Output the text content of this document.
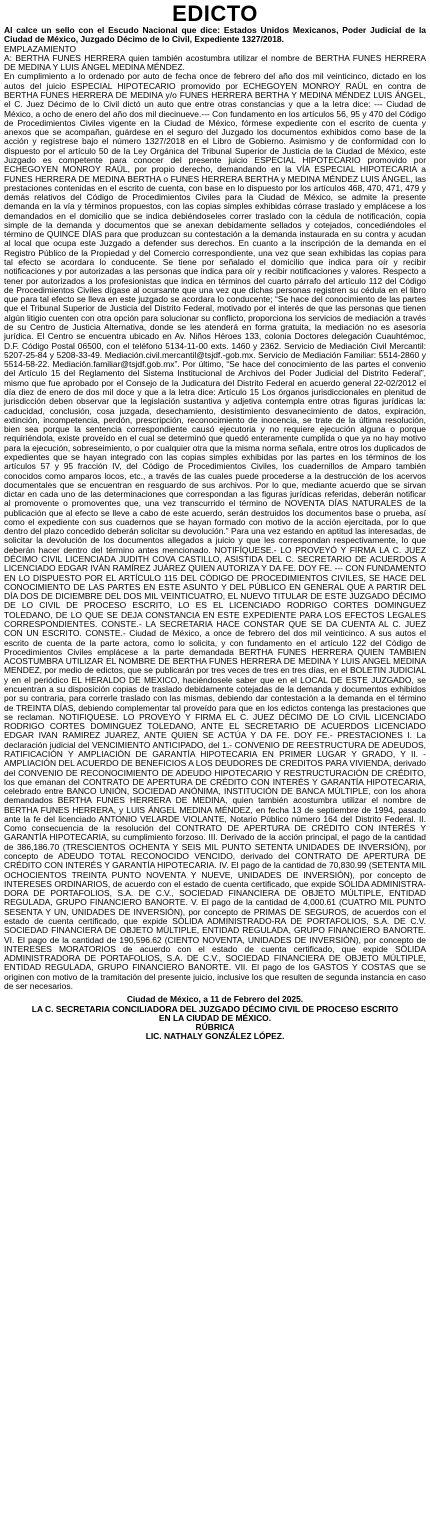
EDICTO
Al calce un sello con el Escudo Nacional que dice: Estados Unidos Mexicanos, Poder Judicial de la Ciudad de México, Juzgado Décimo de lo Civil, Expediente 1327/2018.

EMPLAZAMIENTO

A: BERTHA FUNES HERRERA quien también acostumbra utilizar el nombre de BERTHA FUNES HERRERA DE MEDINA Y LUIS ÁNGEL MEDINA MÉNDEZ.

En cumplimiento a lo ordenado por auto de fecha once de febrero del año dos mil veinticinco, dictado en los autos del juicio ESPECIAL HIPOTECARIO promovido por ECHEGOYEN MONROY RAÚL en contra de BERTHA FUNES HERRERA DE MEDINA y/o FUNES HERRERA BERTHA Y MEDINA MÉNDEZ LUIS ÁNGEL, el C. Juez Décimo de lo Civil dictó un auto que entre otras constancias y que a la letra dice: --- Ciudad de México, a ocho de enero del año dos mil diecinueve.--- Con fundamento en los artículos 56, 95 y 470 del Código de Procedimientos Civiles vigente en la Ciudad de México, fórmese expediente con el escrito de cuenta y anexos que se acompañan, guárdese en el seguro del Juzgado los documentos exhibidos como base de la acción y regístrese bajo el número 1327/2018 en el Libro de Gobierno. Asimismo y de conformidad con lo dispuesto por el artículo 50 de la Ley Orgánica del Tribunal Superior de Justicia de la Ciudad de México, este Juzgado es competente para conocer del presente juicio ESPECIAL HIPOTECARIO promovido por ECHEGOYEN MONROY RAÚL, por propio derecho, demandando en la VÍA ESPECIAL HIPOTECARIA a FUNES HERRERA DE MEDINA BERTHA o FUNES HERRERA BERTHA y MEDINA MÉNDEZ LUIS ÁNGEL, las prestaciones contenidas en el escrito de cuenta, con base en lo dispuesto por los artículos 468, 470, 471, 479 y demás relativos del Código de Procedimientos Civiles para la Ciudad de México, se admite la presente demanda en la vía y términos propuestos, con las copias simples exhibidas córrase traslado y emplácese a los demandados en el domicilio que se indica debiéndoseles correr traslado con la cédula de notificación, copia simple de la demanda y documentos que se anexan debidamente sellados y cotejados, concediéndoles el término de QUINCE DÍAS para que produzcan su contestación a la demanda instaurada en su contra y acudan al local que ocupa este Juzgado a defender sus derechos. En cuanto a la inscripción de la demanda en el Registro Público de la Propiedad y del Comercio correspondiente, una vez que sean exhibidas las copias para tal efecto se acordara lo conducente. Se tiene por señalado el domicilio que indica para oír y recibir notificaciones y por autorizadas a las personas que indica para oír y recibir notificaciones y valores. Respecto a tener por autorizados a los profesionistas que indica en términos del cuarto párrafo del artículo 112 del Código de Procedimientos Civiles dígase al ocursante que una vez que dichas personas registren su cédula en el libro que para tal efecto se lleva en este juzgado se acordara lo conducente; “Se hace del conocimiento de las partes que el Tribunal Superior de Justicia del Distrito Federal, motivado por el interés de que las personas que tienen algún litigio cuenten con otra opción para solucionar su conflicto, proporciona los servicios de mediación a través de su Centro de Justicia Alternativa, donde se les atenderá en forma gratuita, la mediación no es asesoría jurídica. El Centro se encuentra ubicado en Av. Niños Héroes 133, colonia Doctores delegación Cuauhtémoc, D.F. Código Postal 06500, con el teléfono 5134-11-00 exts. 1460 y 2362. Servicio de Mediación Civil Mercantil: 5207-25-84 y 5208-33-49. Mediación.civil.mercantil@tsjdf.-gob.mx. Servicio de Mediación Familiar: 5514-2860 y 5514-58-22. Mediación.familiar@tsjdf.gob.mx”. Por último, “Se hace del conocimiento de las partes el convenio del Artículo 15 del Reglamento del Sistema Institucional de Archivos del Poder Judicial del Distrito Federal”, mismo que fue aprobado por el Consejo de la Judicatura del Distrito Federal en acuerdo general 22-02/2012 el día diez de enero de dos mil doce y que a la letra dice: Artículo 15 Los órganos jurisdiccionales en plenitud de jurisdicción deben observar que la legislación sustantiva y adjetiva contempla entre otras figuras jurídicas la: caducidad, conclusión, cosa juzgada, desechamiento, desistimiento desvanecimiento de datos, expiración, extinción, incompetencia, perdón, prescripción, reconocimiento de inocencia, se trate de la última resolución, bien sea porque la sentencia correspondiente causó ejecutoria y no requiere ejecución alguna o porque requiriéndola, existe proveído en el cual se determinó que quedó enteramente cumplida o que ya no hay motivo para la ejecución, sobreseimiento, o por cualquier otra que la misma norma señala, entre otros los duplicados de expedientes que se hayan integrado con las copias simples exhibidas por las partes en los términos de los artículos 57 y 95 fracción IV, del Código de Procedimientos Civiles, los cuadernillos de Amparo también conocidos como amparos locos, etc., a través de las cuales puede procederse a la destrucción de los acervos documentales que se encuentran en resguardo de sus archivos. Por lo que, mediante acuerdo que se sirvan dictar en cada uno de las determinaciones que correspondan a las figuras jurídicas referidas, deberán notificar al promovente o promoventes que, una vez transcurrido el término de NOVENTA DÍAS NATURALES de la publicación que al efecto se lleve a cabo de este acuerdo, serán destruidos los documentos base o prueba, así como el expediente con sus cuadernos que se hayan formado con motivo de la acción ejercitada, por lo que dentro del plazo concedido deberán solicitar su devolución.” Para una vez estando en aptitud las interesadas, de solicitar la devolución de los documentos allegados a juicio y que les correspondan respectivamente, lo que deberán hacer dentro del término antes mencionado. NOTIFÍQUESE.- LO PROVEYÓ Y FIRMA LA C. JUEZ DÉCIMO CIVIL LICENCIADA JUDITH COVA CASTILLO, ASISTIDA DEL C. SECRETARIO DE ACUERDOS A LICENCIADO EDGAR IVÁN RAMÍREZ JUÁREZ QUIEN AUTORIZA Y DA FE. DOY FE. --- CON FUNDAMENTO EN LO DISPUESTO POR EL ARTÍCULO 115 DEL CÓDIGO DE PROCEDIMIENTOS CIVILES, SE HACE DEL CONOCIMIENTO DE LAS PARTES EN ESTE ASUNTO Y DEL PÚBLICO EN GENERAL QUE A PARTIR DEL DÍA DOS DE DICIEMBRE DEL DOS MIL VEINTICUATRO, EL NUEVO TITULAR DE ESTE JUZGADO DÉCIMO DE LO CIVIL DE PROCESO ESCRITO, LO ES EL LICENCIADO RODRIGO CORTES DOMINGUEZ TOLEDANO, DE LO QUE SE DEJA CONSTANCIA EN ESTE EXPEDIENTE PARA LOS EFECTOS LEGALES CORRESPONDIENTES. CONSTE.- LA SECRETARIA HACE CONSTAR QUE SE DA CUENTA AL C. JUEZ CON UN ESCRITO. CONSTE.- Ciudad de México, a once de febrero del dos mil veinticinco. A sus autos el escrito de cuenta de la parte actora, como lo solicita, y con fundamento en el artículo 122 del Código de Procedimientos Civiles emplácese a la parte demandada BERTHA FUNES HERRERA QUIEN TAMBIEN ACOSTUMBRA UTILIZAR EL NOMBRE DE BERTHA FUNES HERRERA DE MEDINA Y LUIS ANGEL MEDINA MENDEZ, por medio de edictos, que se publicarán por tres veces de tres en tres días, en el BOLETIN JUDICIAL y en el periódico EL HERALDO DE MEXICO, haciéndosele saber que en el LOCAL DE ESTE JUZGADO, se encuentran a su disposición copias de traslado debidamente cotejadas de la demanda y documentos exhibidos por su contraria, para correrle traslado con las mismas, debiendo dar contestación a la demanda en el término de TREINTA DÍAS, debiendo complementar tal proveído para que en los edictos contenga las prestaciones que se reclaman. NOTIFIQUESE. LO PROVEYÓ Y FIRMA EL C. JUEZ DÉCIMO DE LO CIVIL LICENCIADO RODRIGO CORTES DOMINGUEZ TOLEDANO, ANTE EL SECRETARIO DE ACUERDOS LICENCIADO EDGAR IVAN RAMIREZ JUAREZ, ANTE QUIEN SE ACTÚA Y DA FE. DOY FE.- PRESTACIONES I. La declaración judicial del VENCIMIENTO ANTICIPADO, del 1.- CONVENIO DE REESTRUCTURA DE ADEUDOS, RATIFICACIÓN Y AMPLIACIÓN DE GARANTÍA HIPOTECARIA EN PRIMER LUGAR Y GRADO, Y II. - AMPLIACIÓN DEL ACUERDO DE BENEFICIOS A LOS DEUDORES DE CREDITOS PARA VIVIENDA, derivado del CONVENIO DE RECONOCIMIENTO DE ADEUDO HIPOTECARIO Y RESTRUCTURACIÓN DE CRÉDITO, los que emanan del CONTRATO DE APERTURA DE CRÉDITO CON INTERÉS Y GARANTÍA HIPOTECARIA, celebrado entre BANCO UNIÓN, SOCIEDAD ANÓNIMA, INSTITUCIÓN DE BANCA MÚLTIPLE, con los ahora demandados BERTHA FUNES HERRERA DE MEDINA, quien también acostumbra utilizar el nombre de BERTHA FUNES HERRERA, y LUIS ÁNGEL MEDINA MÉNDEZ, en fecha 13 de septiembre de 1994, pasado ante la fe del licenciado ANTONIO VELARDE VIOLANTE, Notario Público número 164 del Distrito Federal. II. Como consecuencia de la resolución del CONTRATO DE APERTURA DE CRÉDITO CON INTERÉS Y GARANTÍA HIPOTECARIA, su cumplimiento forzoso. III. Derivado de la acción principal, el pago de la cantidad de 386,186.70 (TRESCIENTOS OCHENTA Y SEIS MIL PUNTO SETENTA UNIDADES DE INVERSIÓN), por concepto de ADEUDO TOTAL RECONOCIDO VENCIDO, derivado del CONTRATO DE APERTURA DE CRÉDITO CON INTERÉS Y GARANTÍA HIPOTECARIA. IV. El pago de la cantidad de 70,830.99 (SETENTA MIL OCHOCIENTOS TREINTA PUNTO NOVENTA Y NUEVE, UNIDADES DE INVERSIÓN), por concepto de INTERESES ORDINARIOS, de acuerdo con el estado de cuenta certificado, que expide SÓLIDA ADMINISTRA-DORA DE PORTAFOLIOS, S.A. DE C.V., SOCIEDAD FINANCIERA DE OBJETO MÚLTIPLE, ENTIDAD REGULADA, GRUPO FINANCIERO BANORTE. V. El pago de la cantidad de 4,000.61 (CUATRO MIL PUNTO SESENTA Y UN, UNIDADES DE INVERSIÓN), por concepto de PRIMAS DE SEGUROS, de acuerdos con el estado de cuenta certificado, que expide SÓLIDA ADMINISTRADO-RA DE PORTAFOLIOS, S.A. DE C.V. SOCIEDAD FINANCIERA DE OBJETO MÚLTIPLE, ENTIDAD REGULADA, GRUPO FINANCIERO BANORTE. VI. El pago de la cantidad de 190,596.62 (CIENTO NOVENTA, UNIDADES DE INVERSIÓN), por concepto de INTERESES MORATORIOS de acuerdo con el estado de cuenta certificado, que expide SÓLIDA ADMINISTRADORA DE PORTAFOLIOS, S.A. DE C.V., SOCIEDAD FINANCIERA DE OBJETO MÚLTIPLE, ENTIDAD REGULADA, GRUPO FINANCIERO BANORTE. VII. El pago de los GASTOS Y COSTAS que se originen con motivo de la tramitación del presente juicio, inclusive los que resulten de segunda instancia en caso de ser necesarios.

Ciudad de México, a 11 de Febrero del 2025.
LA C. SECRETARIA CONCILIADORA DEL JUZGADO DÉCIMO CIVIL DE PROCESO ESCRITO
EN LA CIUDAD DE MÉXICO.
RÚBRICA
LIC. NATHALY GONZÁLEZ LÓPEZ.
